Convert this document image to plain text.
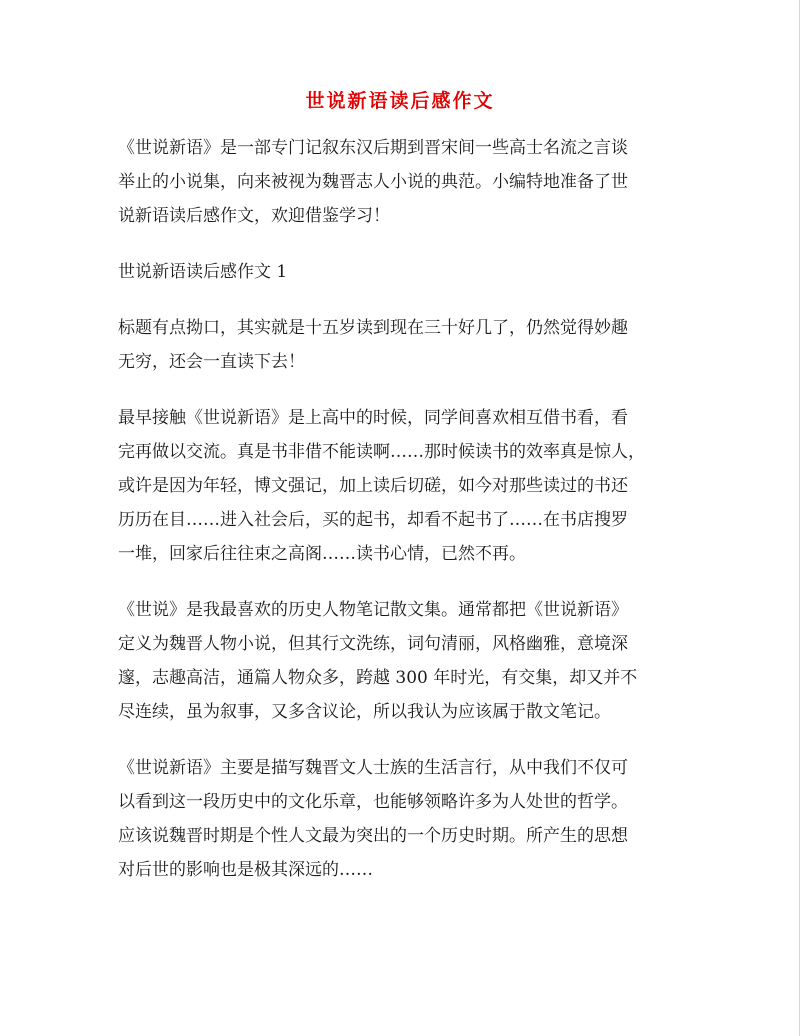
世说新语读后感作文
《世说新语》是一部专门记叙东汉后期到晋宋间一些高士名流之言谈
举止的小说集，向来被视为魏晋志人小说的典范。小编特地准备了世
说新语读后感作文，欢迎借鉴学习！
世说新语读后感作文 1
标题有点拗口，其实就是十五岁读到现在三十好几了，仍然觉得妙趣
无穷，还会一直读下去！
最早接触《世说新语》是上高中的时候，同学间喜欢相互借书看，看
完再做以交流。真是书非借不能读啊……那时候读书的效率真是惊人，
或许是因为年轻，博文强记，加上读后切磋，如今对那些读过的书还
历历在目……进入社会后，买的起书，却看不起书了……在书店搜罗
一堆，回家后往往束之高阁……读书心情，已然不再。
《世说》是我最喜欢的历史人物笔记散文集。通常都把《世说新语》
定义为魏晋人物小说，但其行文洗练，词句清丽，风格幽雅，意境深
邃，志趣高洁，通篇人物众多，跨越 300 年时光，有交集，却又并不
尽连续，虽为叙事，又多含议论，所以我认为应该属于散文笔记。
《世说新语》主要是描写魏晋文人士族的生活言行，从中我们不仅可
以看到这一段历史中的文化乐章，也能够领略许多为人处世的哲学。
应该说魏晋时期是个性人文最为突出的一个历史时期。所产生的思想
对后世的影响也是极其深远的……
